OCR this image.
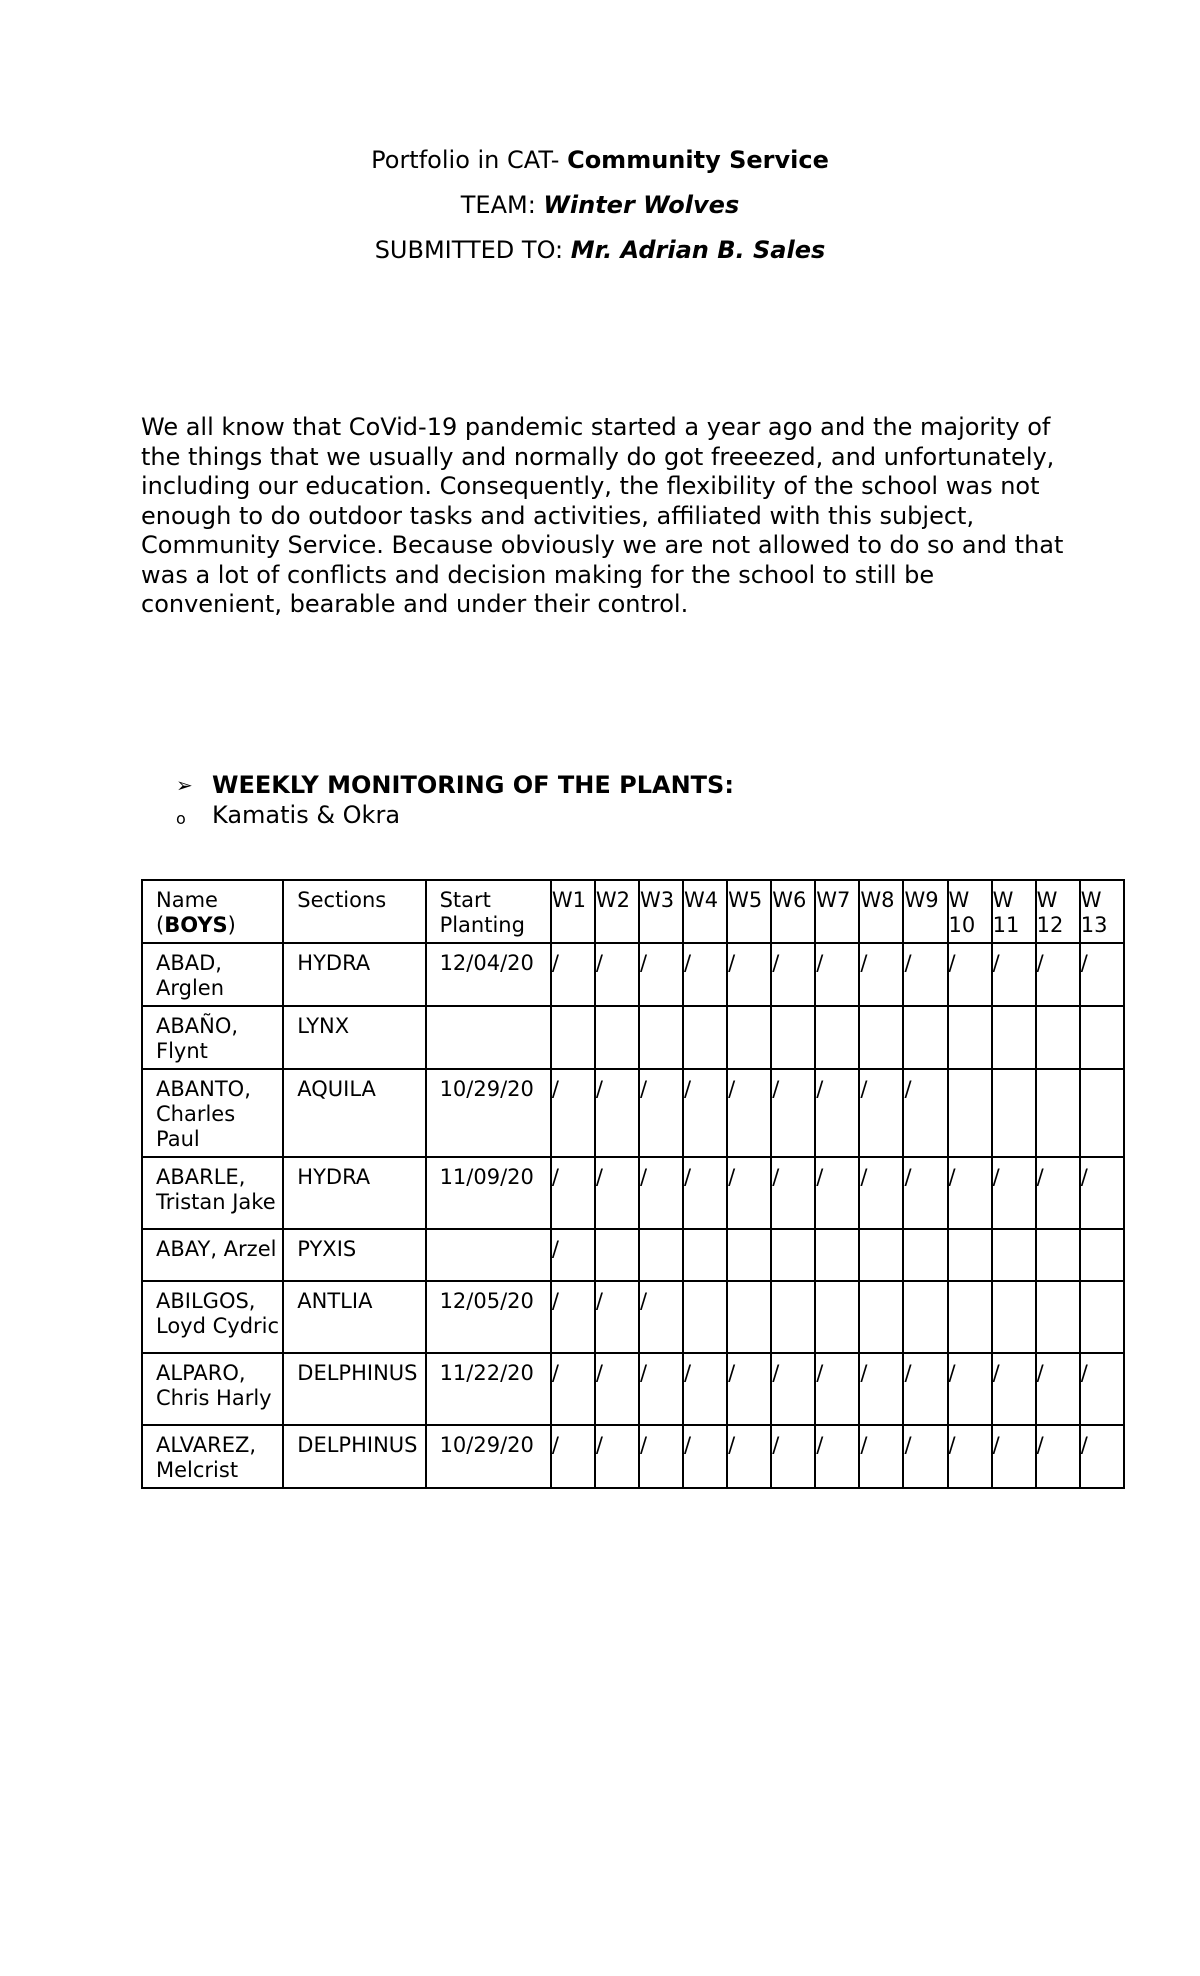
Portfolio in CAT- Community Service
TEAM: Winter Wolves
SUBMITTED TO: Mr. Adrian B. Sales
We all know that CoVid-19 pandemic started a year ago and the majority of the things that we usually and normally do got freeezed, and unfortunately, including our education. Consequently, the flexibility of the school was not enough to do outdoor tasks and activities, affiliated with this subject, Community Service. Because obviously we are not allowed to do so and that was a lot of conflicts and decision making for the school to still be convenient, bearable and under their control.
➢ WEEKLY MONITORING OF THE PLANTS:
o	Kamatis & Okra
Name (BOYS)	Sections	Start Planting	W1	W2	W3	W4	W5	W6	W7	W8	W9	W 10	W 11	W 12	W 13
ABAD, Arglen	HYDRA	12/04/20	/	/	/	/	/	/	/	/	/	/	/	/	/
ABAÑO, Flynt	LYNX														
ABANTO, Charles Paul	AQUILA	10/29/20	/	/	/	/	/	/	/	/	/				
ABARLE, Tristan Jake	HYDRA	11/09/20	/	/	/	/	/	/	/	/	/	/	/	/	/
ABAY, Arzel	PYXIS		/												
ABILGOS, Loyd Cydric	ANTLIA	12/05/20	/	/	/										
ALPARO, Chris Harly	DELPHINUS	11/22/20	/	/	/	/	/	/	/	/	/	/	/	/	/
ALVAREZ, Melcrist	DELPHINUS	10/29/20	/	/	/	/	/	/	/	/	/	/	/	/	/
